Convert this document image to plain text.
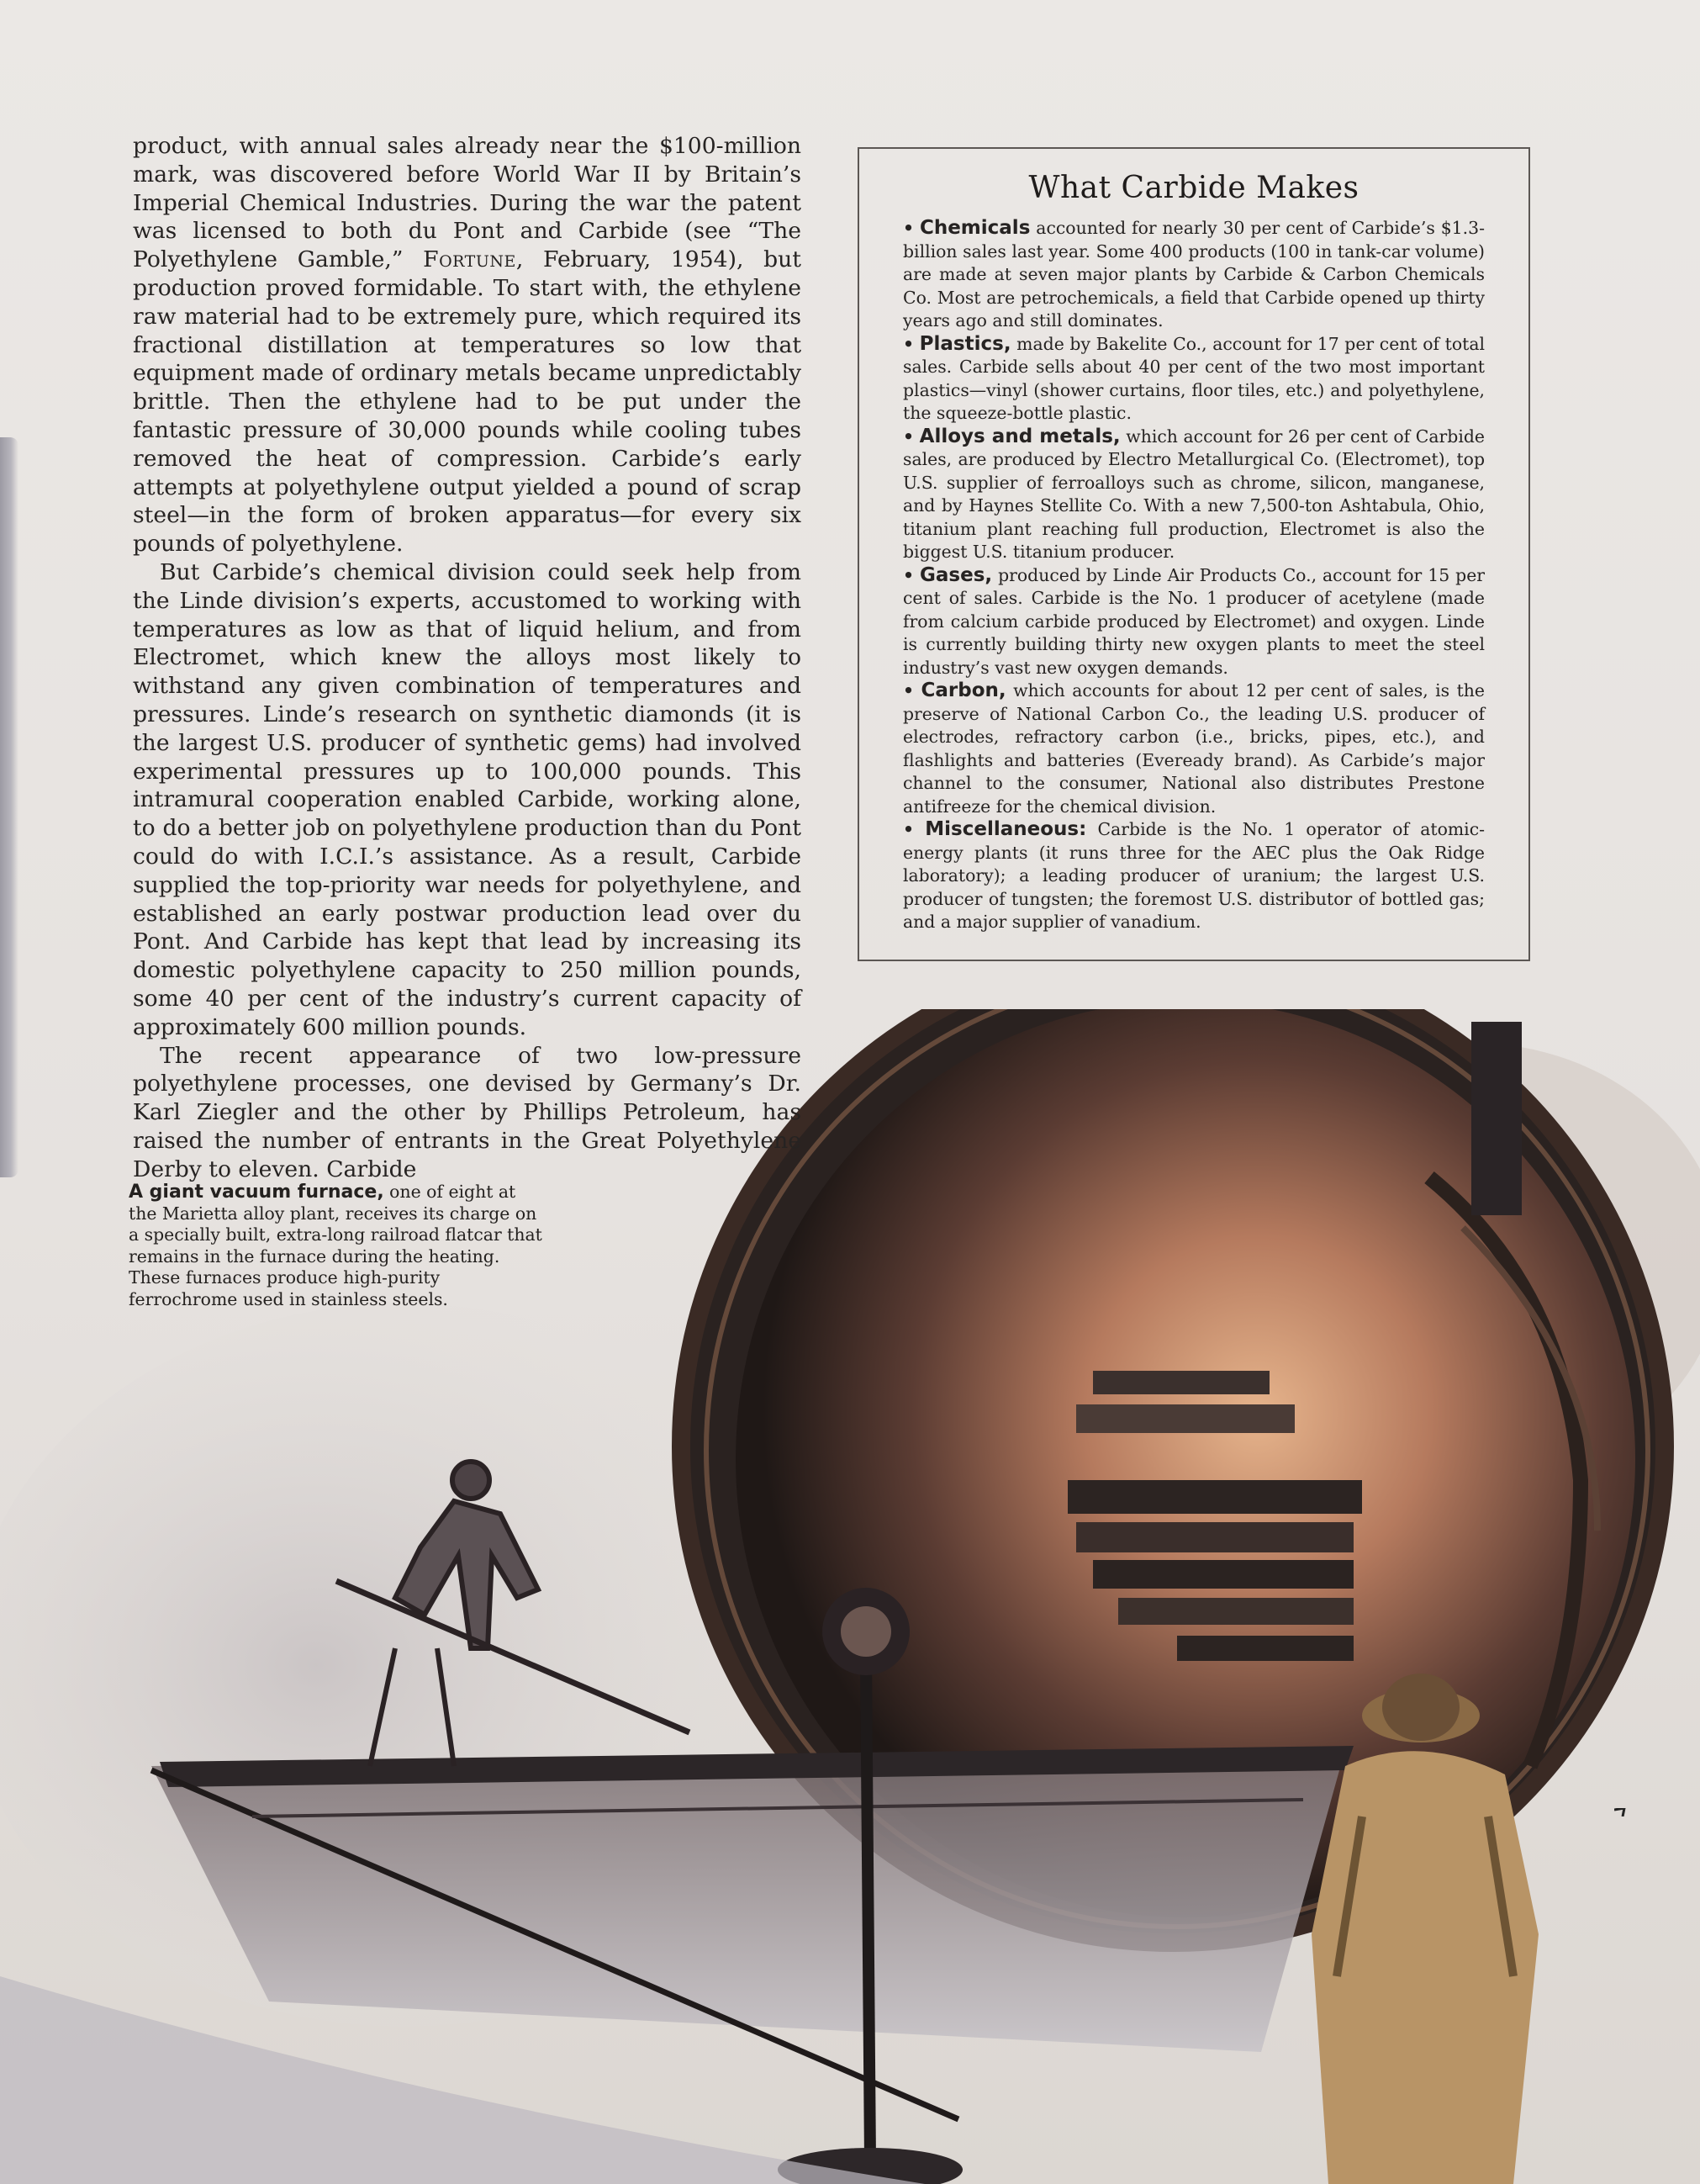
product, with annual sales already near the $100-million mark, was discovered before World War II by Britain’s Imperial Chemical Industries. During the war the patent was licensed to both du Pont and Carbide (see “The Polyethylene Gamble,” Fortune, February, 1954), but production proved formidable. To start with, the ethylene raw material had to be extremely pure, which required its fractional distillation at temperatures so low that equipment made of ordinary metals became unpredictably brittle. Then the ethylene had to be put under the fantastic pressure of 30,000 pounds while cooling tubes removed the heat of compression. Carbide’s early attempts at polyethylene output yielded a pound of scrap steel—in the form of broken apparatus—for every six pounds of polyethylene.

But Carbide’s chemical division could seek help from the Linde division’s experts, accustomed to working with temperatures as low as that of liquid helium, and from Electromet, which knew the alloys most likely to withstand any given combination of temperatures and pressures. Linde’s research on synthetic diamonds (it is the largest U.S. producer of synthetic gems) had involved experimental pressures up to 100,000 pounds. This intramural cooperation enabled Carbide, working alone, to do a better job on polyethylene production than du Pont could do with I.C.I.’s assistance. As a result, Carbide supplied the top-priority war needs for polyethylene, and established an early postwar production lead over du Pont. And Carbide has kept that lead by increasing its domestic polyethylene capacity to 250 million pounds, some 40 per cent of the industry’s current capacity of approximately 600 million pounds.

The recent appearance of two low-pressure polyethylene processes, one devised by Germany’s Dr. Karl Ziegler and the other by Phillips Petroleum, has raised the number of entrants in the Great Polyethylene Derby to eleven. Carbide

What Carbide Makes

• Chemicals accounted for nearly 30 per cent of Carbide’s $1.3-billion sales last year. Some 400 products (100 in tank-car volume) are made at seven major plants by Carbide & Carbon Chemicals Co. Most are petrochemicals, a field that Carbide opened up thirty years ago and still dominates.

• Plastics, made by Bakelite Co., account for 17 per cent of total sales. Carbide sells about 40 per cent of the two most important plastics—vinyl (shower curtains, floor tiles, etc.) and polyethylene, the squeeze-bottle plastic.

• Alloys and metals, which account for 26 per cent of Carbide sales, are produced by Electro Metallurgical Co. (Electromet), top U.S. supplier of ferroalloys such as chrome, silicon, manganese, and by Haynes Stellite Co. With a new 7,500-ton Ashtabula, Ohio, titanium plant reaching full production, Electromet is also the biggest U.S. titanium producer.

• Gases, produced by Linde Air Products Co., account for 15 per cent of sales. Carbide is the No. 1 producer of acetylene (made from calcium carbide produced by Electromet) and oxygen. Linde is currently building thirty new oxygen plants to meet the steel industry’s vast new oxygen demands.

• Carbon, which accounts for about 12 per cent of sales, is the preserve of National Carbon Co., the leading U.S. producer of electrodes, refractory carbon (i.e., bricks, pipes, etc.), and flashlights and batteries (Eveready brand). As Carbide’s major channel to the consumer, National also distributes Prestone antifreeze for the chemical division.

• Miscellaneous: Carbide is the No. 1 operator of atomic-energy plants (it runs three for the AEC plus the Oak Ridge laboratory); a leading producer of uranium; the largest U.S. producer of tungsten; the foremost U.S. distributor of bottled gas; and a major supplier of vanadium.

A giant vacuum furnace, one of eight at the Marietta alloy plant, receives its charge on a specially built, extra-long railroad flatcar that remains in the furnace during the heating. These furnaces produce high-purity ferrochrome used in stainless steels.
